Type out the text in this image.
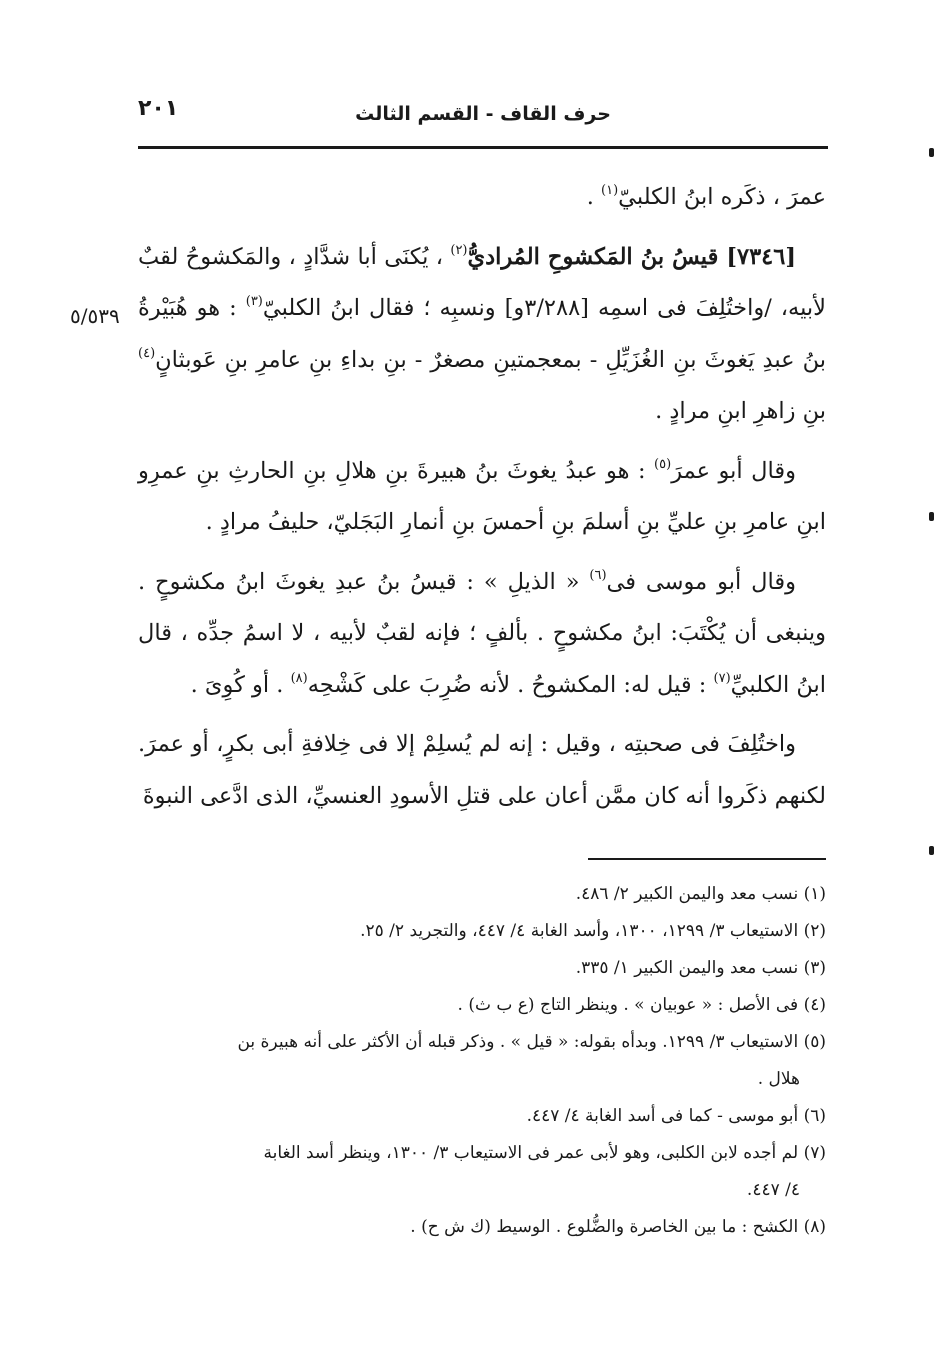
حرف القاف - القسم الثالث
٢٠١
٥/٥٣٩

عمرَ ، ذكَره ابنُ الكلبيّ$^{(١)}$ .

[٧٣٤٦] قيسُ بنُ المَكشوحِ المُراديُّ$^{(٢)}$ ، يُكنَى أبا شدَّادٍ ، والمَكشوحُ لقبٌ لأبيه، /واختُلِفَ فى اسمِه [٣/٢٨٨و] ونسبِه ؛ فقال ابنُ الكلبيّ$^{(٣)}$ : هو هُبَيْرةُ بنُ عبدِ يَغوثَ بنِ الغُزَيِّلِ - بمعجمتينِ مصغرٌ - بنِ بداءِ بنِ عامرِ بنِ عَوبثانٍ$^{(٤)}$ بنِ زاهرِ ابنِ مرادٍ .

وقال أبو عمرَ$^{(٥)}$ : هو عبدُ يغوثَ بنُ هبيرةَ بنِ هلالِ بنِ الحارثِ بنِ عمرِو ابنِ عامرِ بنِ عليِّ بنِ أسلمَ بنِ أحمسَ بنِ أنمارِ البَجَليّ، حليفُ مرادٍ .

وقال أبو موسى فى$^{(٦)}$ « الذيلِ » : قيسُ بنُ عبدِ يغوثَ ابنُ مكشوحٍ . وينبغى أن يُكْتَبَ: ابنُ مكشوحٍ . بألفٍ ؛ فإنه لقبٌ لأبيه ، لا اسمُ جدِّه ، قال ابنُ الكلبيِّ$^{(٧)}$ : قيل له: المكشوحُ . لأنه ضُرِبَ على كَشْحِه$^{(٨)}$ . أو كُوِىَ .

واختُلِفَ فى صحبتِه ، وقيل : إنه لم يُسلِمْ إلا فى خِلافةِ أبى بكرٍ، أو عمرَ. لكنهم ذكَروا أنه كان ممَّن أعان على قتلِ الأسودِ العنسيِّ، الذى ادَّعى النبوةَ

(١) نسب معد واليمن الكبير ٢/ ٤٨٦.

(٢) الاستيعاب ٣/ ١٢٩٩، ١٣٠٠، وأسد الغابة ٤/ ٤٤٧، والتجريد ٢/ ٢٥.

(٣) نسب معد واليمن الكبير ١/ ٣٣٥.

(٤) فى الأصل : « عوبيان » . وينظر التاج (ع ب ث) .

(٥) الاستيعاب ٣/ ١٢٩٩. وبدأه بقوله: « قيل » . وذكر قبله أن الأكثر على أنه هبيرة بن

هلال .

(٦) أبو موسى - كما فى أسد الغابة ٤/ ٤٤٧.

(٧) لم أجده لابن الكلبى، وهو لأبى عمر فى الاستيعاب ٣/ ١٣٠٠، وينظر أسد الغابة

٤/ ٤٤٧.

(٨) الكشح : ما بين الخاصرة والضُّلوع . الوسيط (ك ش ح) .
